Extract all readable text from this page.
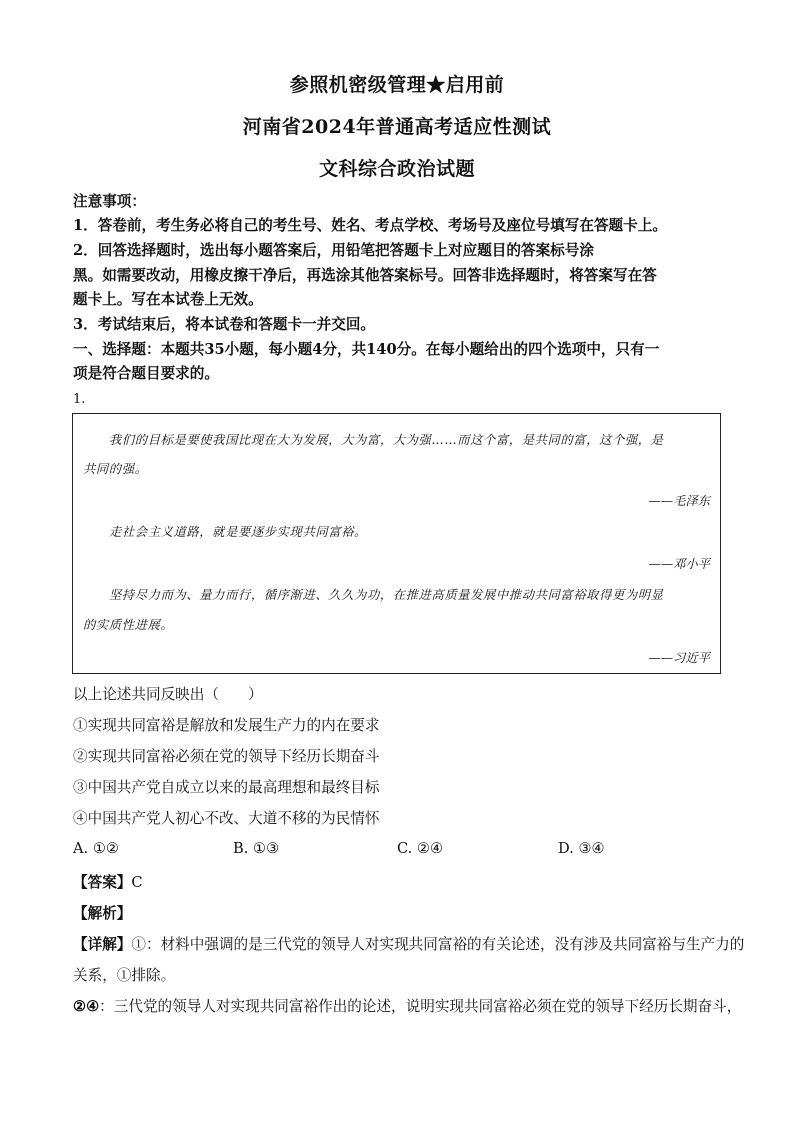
参照机密级管理★启用前
河南省2024年普通高考适应性测试
文科综合政治试题
注意事项：
1．答卷前，考生务必将自己的考生号、姓名、考点学校、考场号及座位号填写在答题卡上。
2．回答选择题时，选出每小题答案后，用铅笔把答题卡上对应题目的答案标号涂
黑。如需要改动，用橡皮擦干净后，再选涂其他答案标号。回答非选择题时，将答案写在答
题卡上。写在本试卷上无效。
3．考试结束后，将本试卷和答题卡一并交回。
一、选择题：本题共35小题，每小题4分，共140分。在每小题给出的四个选项中，只有一
项是符合题目要求的。
1.
我们的目标是要使我国比现在大为发展，大为富，大为强……而这个富，是共同的富，这个强，是
共同的强。
——毛泽东
走社会主义道路，就是要逐步实现共同富裕。
——邓小平
坚持尽力而为、量力而行，循序渐进、久久为功，在推进高质量发展中推动共同富裕取得更为明显
的实质性进展。
——习近平
以上论述共同反映出（　　）
①实现共同富裕是解放和发展生产力的内在要求
②实现共同富裕必须在党的领导下经历长期奋斗
③中国共产党自成立以来的最高理想和最终目标
④中国共产党人初心不改、大道不移的为民情怀
A. ①②	B. ①③	C. ②④	D. ③④
【答案】C
【解析】
【详解】①：材料中强调的是三代党的领导人对实现共同富裕的有关论述，没有涉及共同富裕与生产力的
关系，①排除。
②④：三代党的领导人对实现共同富裕作出的论述，说明实现共同富裕必须在党的领导下经历长期奋斗，
